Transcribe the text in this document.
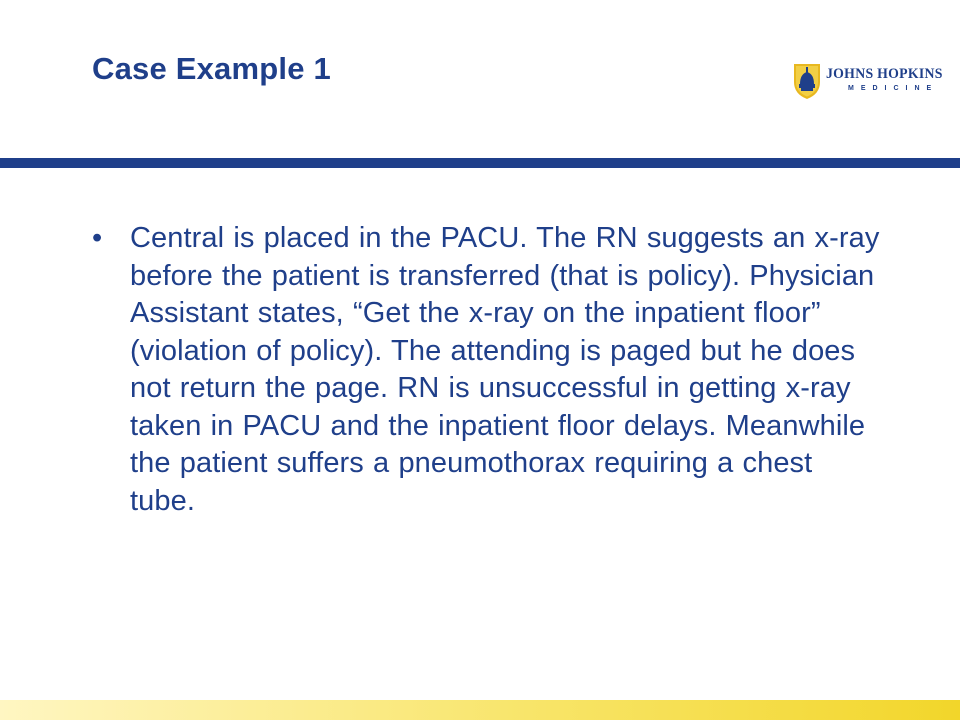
Case Example 1	JOHNS HOPKINS
MEDICINE
• Central is placed in the PACU. The RN suggests an x-ray before the patient is transferred (that is policy). Physician Assistant states, “Get the x-ray on the inpatient floor” (violation of policy). The attending is paged but he does not return the page. RN is unsuccessful in getting x-ray taken in PACU and the inpatient floor delays. Meanwhile the patient suffers a pneumothorax requiring a chest tube.
